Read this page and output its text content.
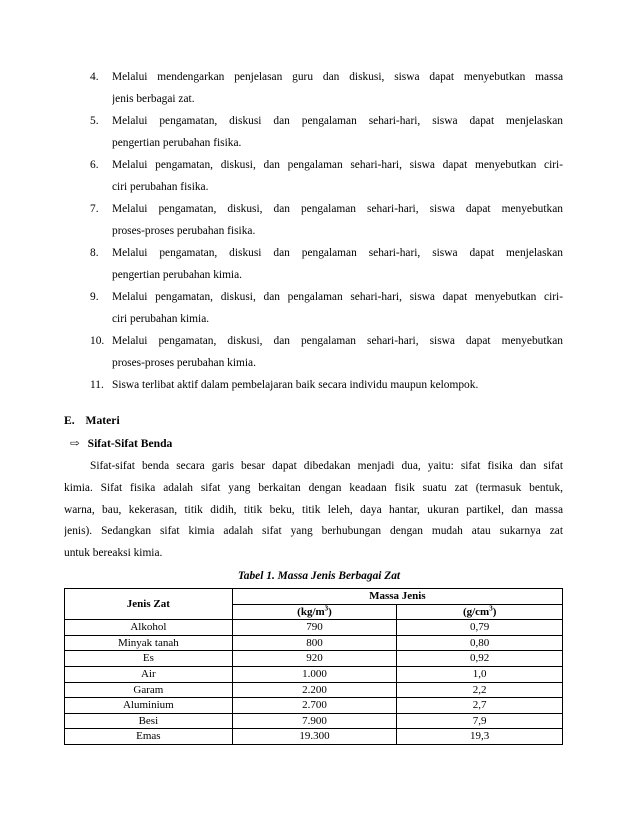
4.	Melalui mendengarkan penjelasan guru dan diskusi, siswa dapat menyebutkan massa
jenis berbagai zat.
5.	Melalui pengamatan, diskusi dan pengalaman sehari-hari, siswa dapat menjelaskan
pengertian perubahan fisika.
6.	Melalui pengamatan, diskusi, dan pengalaman sehari-hari, siswa dapat menyebutkan ciri-
ciri perubahan fisika.
7.	Melalui pengamatan, diskusi, dan pengalaman sehari-hari, siswa dapat menyebutkan
proses-proses perubahan fisika.
8.	Melalui pengamatan, diskusi dan pengalaman sehari-hari, siswa dapat menjelaskan
pengertian perubahan kimia.
9.	Melalui pengamatan, diskusi, dan pengalaman sehari-hari, siswa dapat menyebutkan ciri-
ciri perubahan kimia.
10. Melalui pengamatan, diskusi, dan pengalaman sehari-hari, siswa dapat menyebutkan
proses-proses perubahan kimia.
11. Siswa terlibat aktif dalam pembelajaran baik secara individu maupun kelompok.
E. Materi
⇨ Sifat-Sifat Benda
Sifat-sifat benda secara garis besar dapat dibedakan menjadi dua, yaitu: sifat fisika dan sifat
kimia. Sifat fisika adalah sifat yang berkaitan dengan keadaan fisik suatu zat (termasuk bentuk,
warna, bau, kekerasan, titik didih, titik beku, titik leleh, daya hantar, ukuran partikel, dan massa
jenis). Sedangkan sifat kimia adalah sifat yang berhubungan dengan mudah atau sukarnya zat
untuk bereaksi kimia.
Tabel 1. Massa Jenis Berbagai Zat
Jenis Zat	Massa Jenis	
	$(kg/m^3)$	$(g/cm^3)$
Alkohol	790	0,79
Minyak tanah	800	0,80
Es	920	0,92
Air	1.000	1,0
Garam	2.200	2,2
Aluminium	2.700	2,7
Besi	7.900	7,9
Emas	19.300	19,3
